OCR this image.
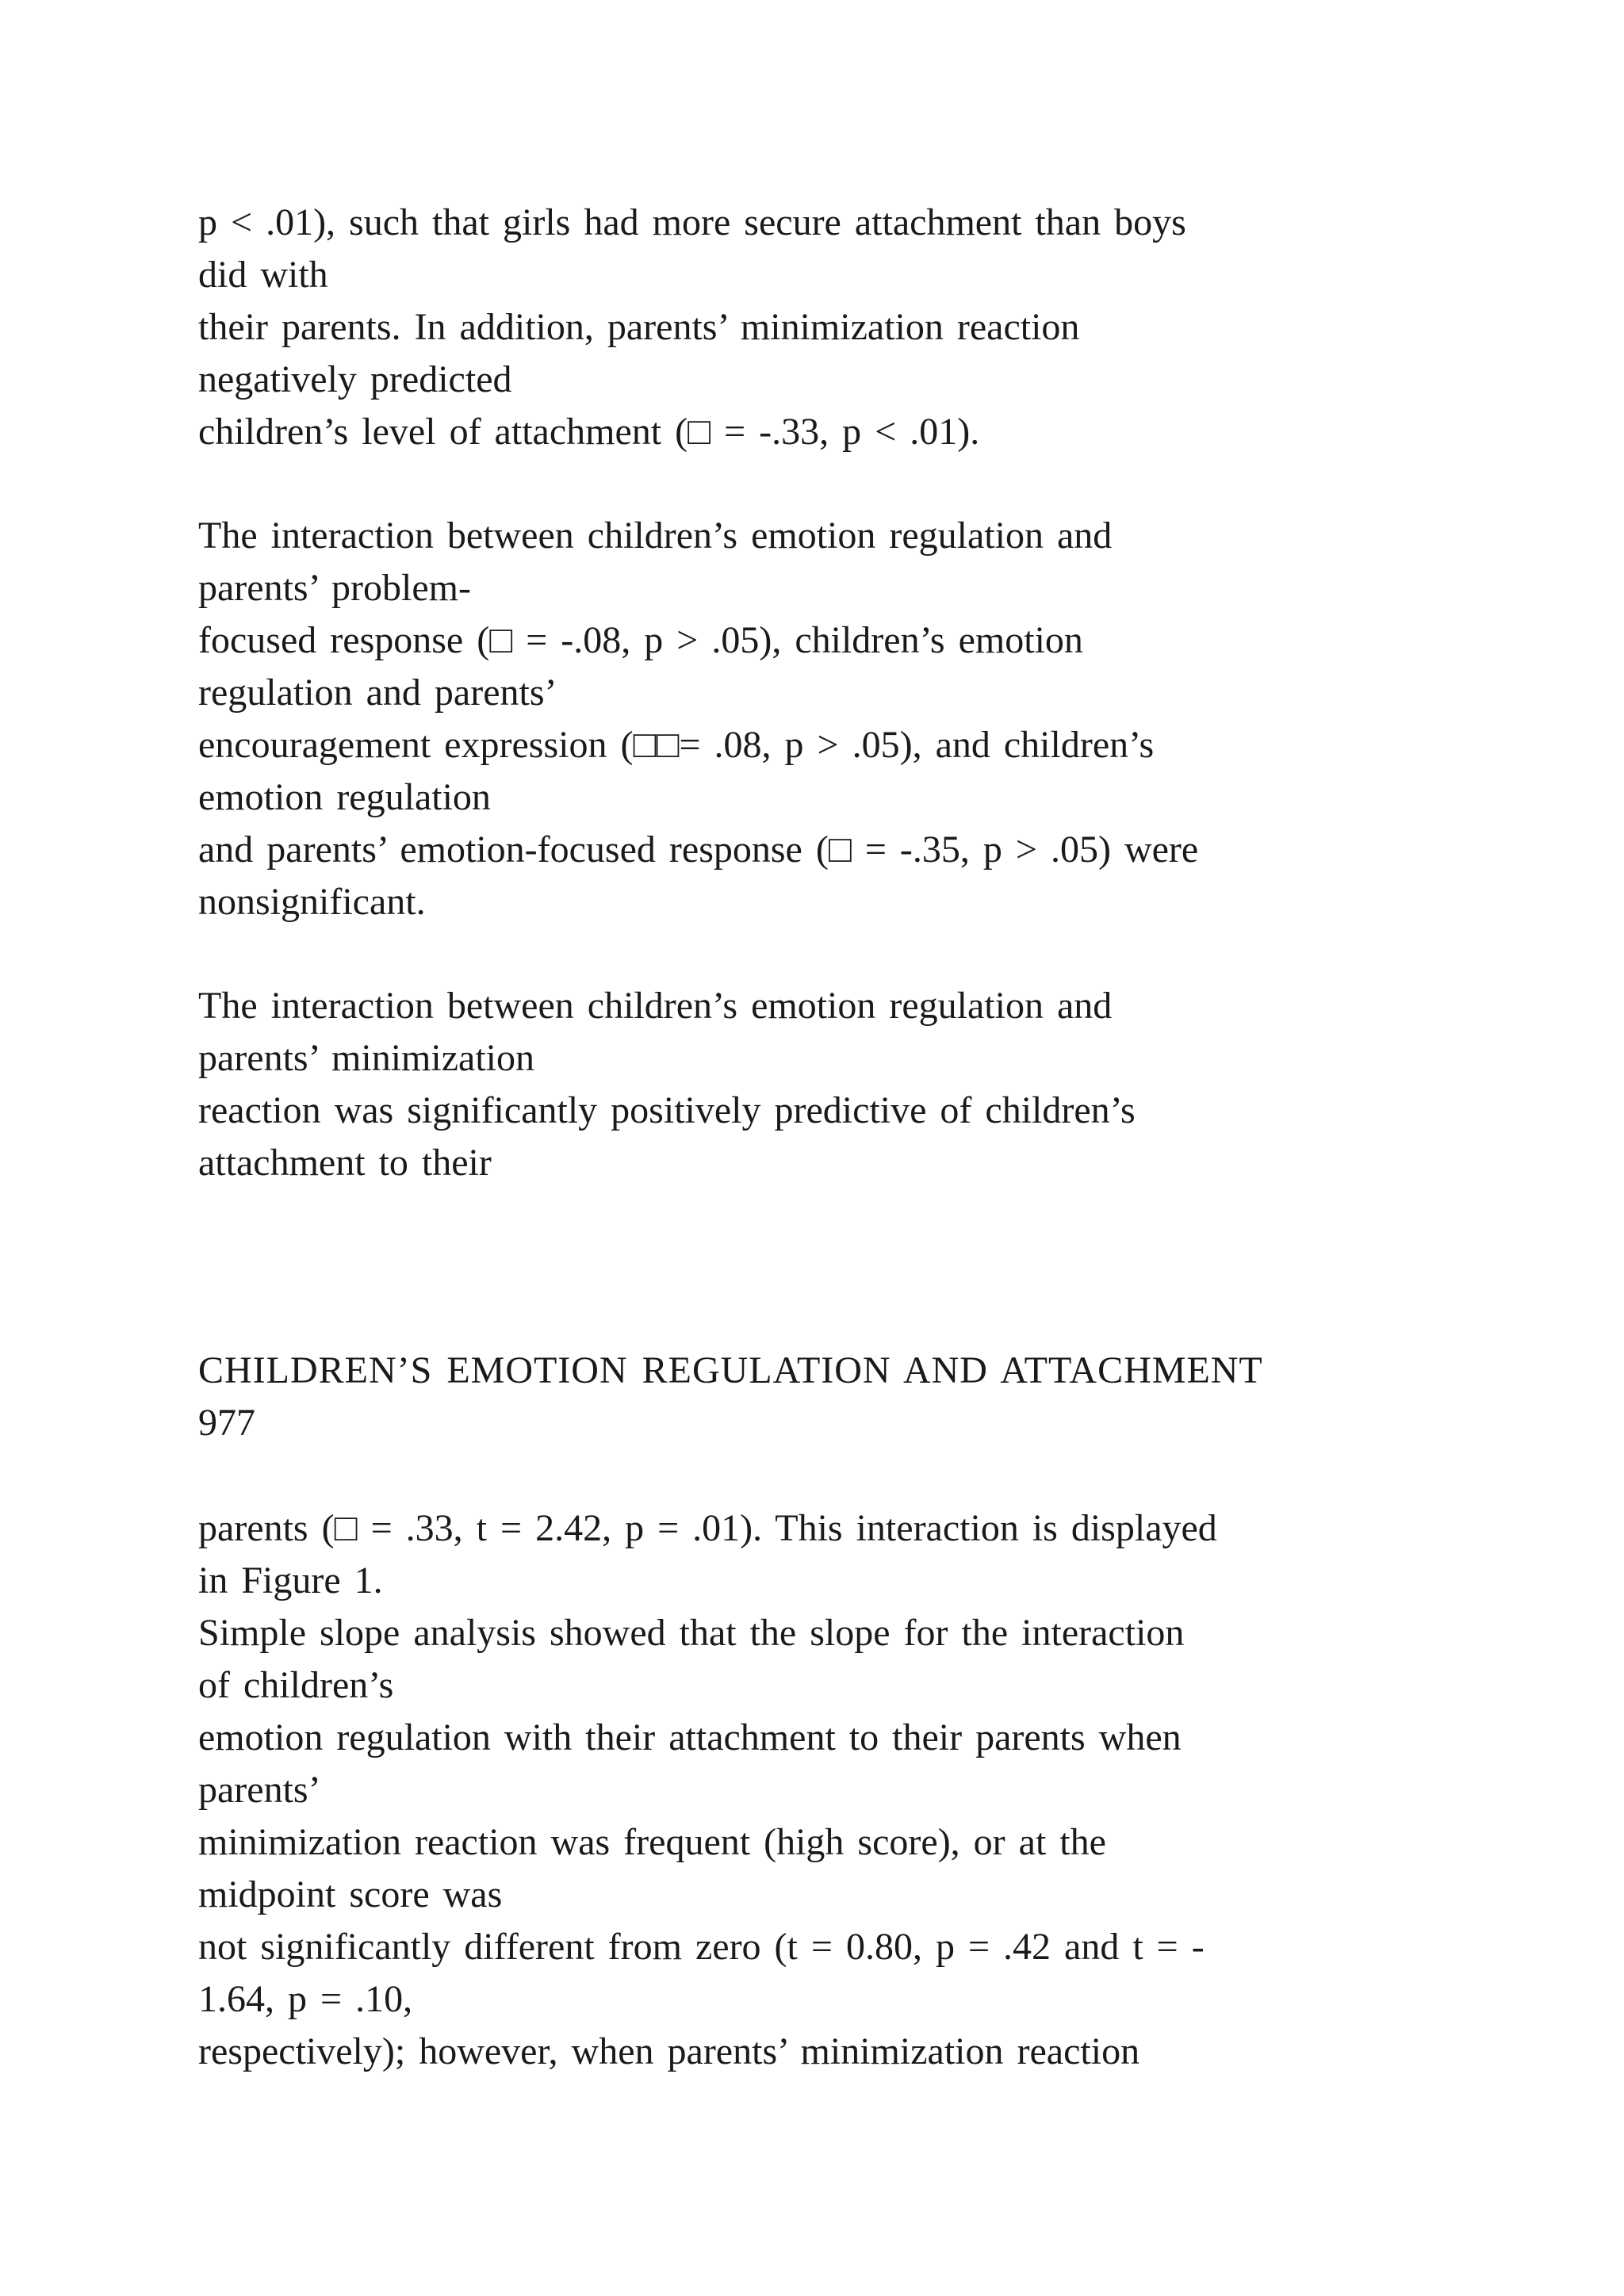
p < .01), such that girls had more secure attachment than boys

did with

their parents. In addition, parents’ minimization reaction

negatively predicted

children’s level of attachment (□ = -.33, p < .01).

The interaction between children’s emotion regulation and

parents’ problem-

focused response (□ = -.08, p > .05), children’s emotion

regulation and parents’

encouragement expression (□□= .08, p > .05), and children’s

emotion regulation

and parents’ emotion-focused response (□ = -.35, p > .05) were

nonsignificant.

The interaction between children’s emotion regulation and

parents’ minimization

reaction was significantly positively predictive of children’s

attachment to their

CHILDREN’S EMOTION REGULATION AND ATTACHMENT

977

parents (□ = .33, t = 2.42, p = .01). This interaction is displayed

in Figure 1.

Simple slope analysis showed that the slope for the interaction

of children’s

emotion regulation with their attachment to their parents when

parents’

minimization reaction was frequent (high score), or at the

midpoint score was

not significantly different from zero (t = 0.80, p = .42 and t = -

1.64, p = .10,

respectively); however, when parents’ minimization reaction
